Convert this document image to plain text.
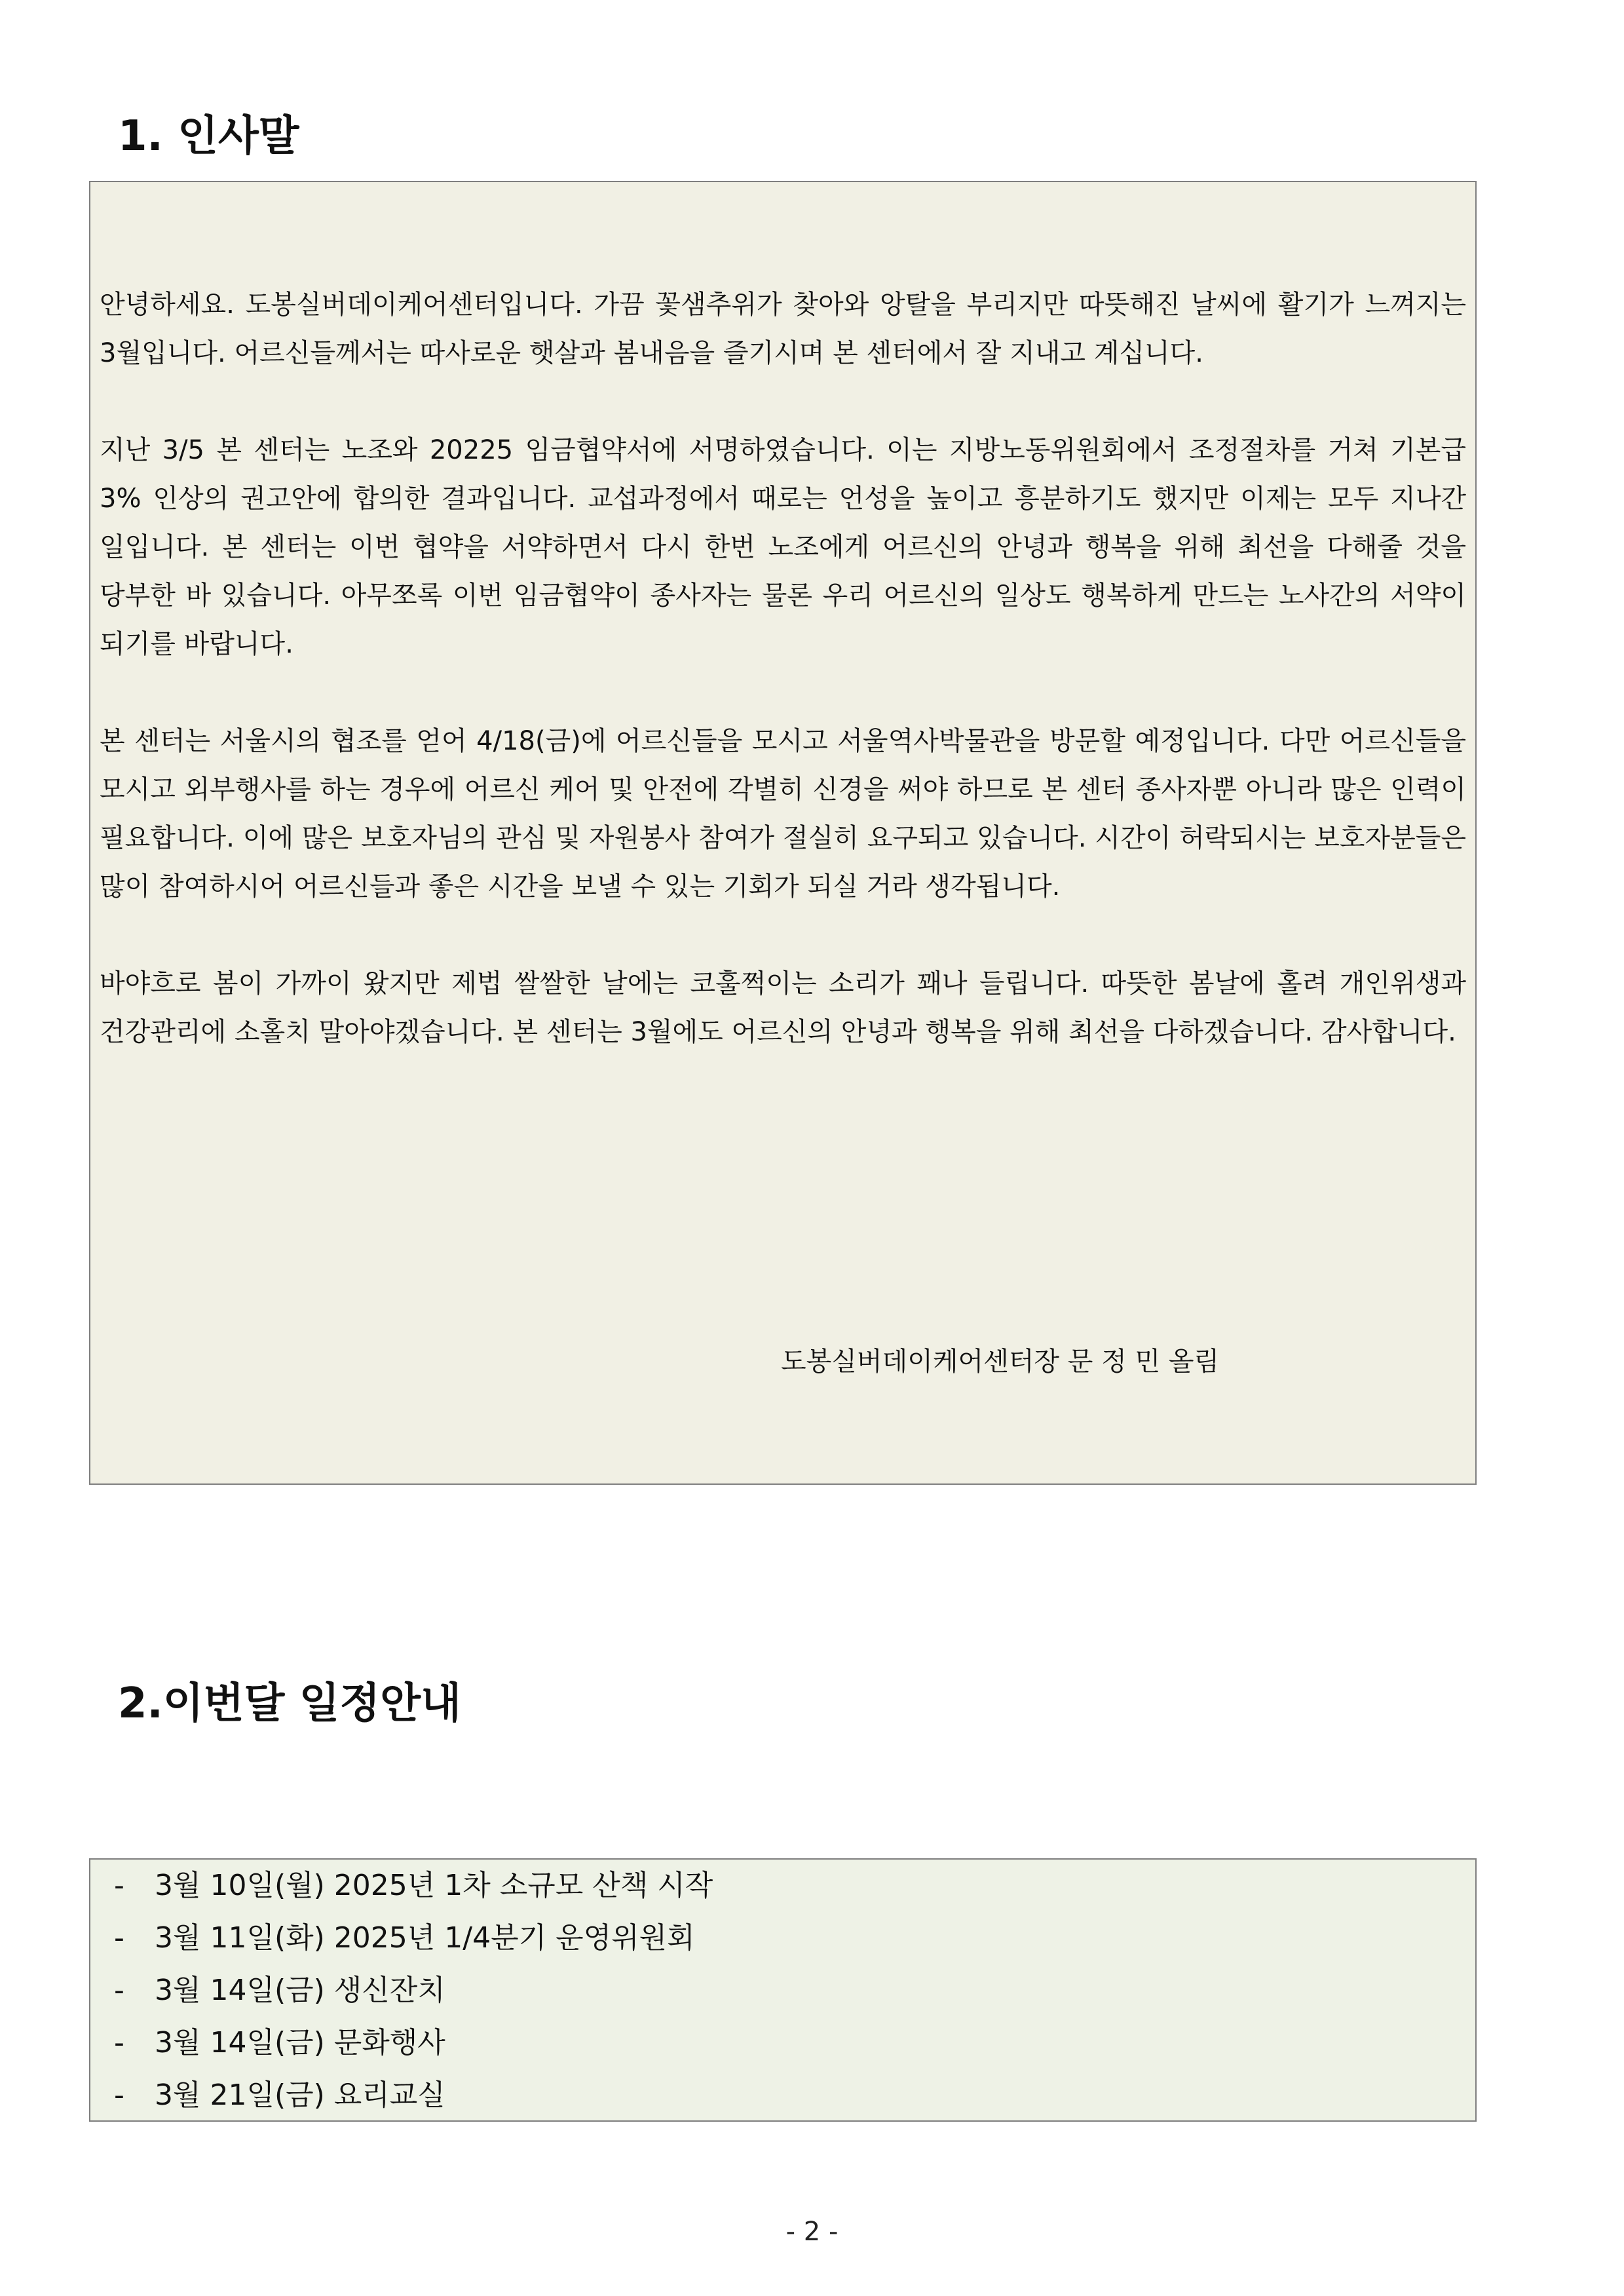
1. 인사말

안녕하세요. 도봉실버데이케어센터입니다. 가끔 꽃샘추위가 찾아와 앙탈을 부리지만 따뜻해진 날씨에 활기가 느껴지는 3월입니다. 어르신들께서는 따사로운 햇살과 봄내음을 즐기시며 본 센터에서 잘 지내고 계십니다.

지난 3/5 본 센터는 노조와 20225 임금협약서에 서명하였습니다. 이는 지방노동위원회에서 조정절차를 거쳐 기본급 3% 인상의 권고안에 합의한 결과입니다. 교섭과정에서 때로는 언성을 높이고 흥분하기도 했지만 이제는 모두 지나간 일입니다. 본 센터는 이번 협약을 서약하면서 다시 한번 노조에게 어르신의 안녕과 행복을 위해 최선을 다해줄 것을 당부한 바 있습니다. 아무쪼록 이번 임금협약이 종사자는 물론 우리 어르신의 일상도 행복하게 만드는 노사간의 서약이 되기를 바랍니다.

본 센터는 서울시의 협조를 얻어 4/18(금)에 어르신들을 모시고 서울역사박물관을 방문할 예정입니다. 다만 어르신들을 모시고 외부행사를 하는 경우에 어르신 케어 및 안전에 각별히 신경을 써야 하므로 본 센터 종사자뿐 아니라 많은 인력이 필요합니다. 이에 많은 보호자님의 관심 및 자원봉사 참여가 절실히 요구되고 있습니다. 시간이 허락되시는 보호자분들은 많이 참여하시어 어르신들과 좋은 시간을 보낼 수 있는 기회가 되실 거라 생각됩니다.

바야흐로 봄이 가까이 왔지만 제법 쌀쌀한 날에는 코훌쩍이는 소리가 꽤나 들립니다. 따뜻한 봄날에 홀려 개인위생과 건강관리에 소홀치 말아야겠습니다. 본 센터는 3월에도 어르신의 안녕과 행복을 위해 최선을 다하겠습니다. 감사합니다.

도봉실버데이케어센터장 문 정 민 올림
2.이번달 일정안내
- 3월 10일(월) 2025년 1차 소규모 산책 시작
- 3월 11일(화) 2025년 1/4분기 운영위원회
- 3월 14일(금) 생신잔치
- 3월 14일(금) 문화행사
- 3월 21일(금) 요리교실
- 2 -
